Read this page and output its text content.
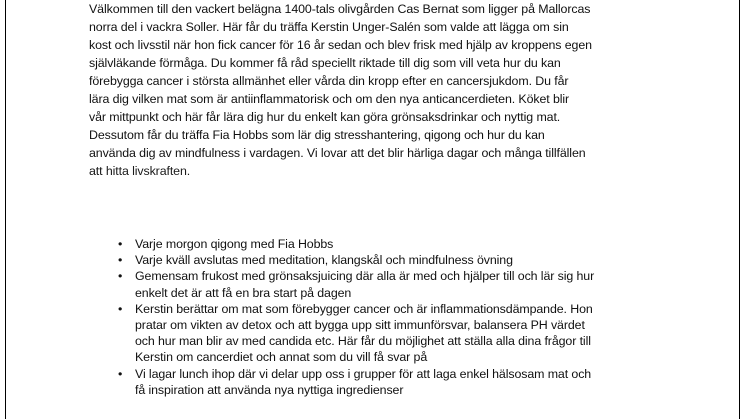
Välkommen till den vackert belägna 1400-tals olivgården Cas Bernat som ligger på Mallorcas
norra del i vackra Soller. Här får du träffa Kerstin Unger-Salén som valde att lägga om sin
kost och livsstil när hon fick cancer för 16 år sedan och blev frisk med hjälp av kroppens egen
självläkande förmåga. Du kommer få råd speciellt riktade till dig som vill veta hur du kan
förebygga cancer i största allmänhet eller vårda din kropp efter en cancersjukdom. Du får
lära dig vilken mat som är antiinflammatorisk och om den nya anticancerdieten. Köket blir
vår mittpunkt och här får lära dig hur du enkelt kan göra grönsaksdrinkar och nyttig mat.
Dessutom får du träffa Fia Hobbs som lär dig stresshantering, qigong och hur du kan
använda dig av mindfulness i vardagen. Vi lovar att det blir härliga dagar och många tillfällen
att hitta livskraften.
•	Varje morgon qigong med Fia Hobbs
•	Varje kväll avslutas med meditation, klangskål och mindfulness övning
•	Gemensam frukost med grönsaksjuicing där alla är med och hjälper till och lär sig hur
enkelt det är att få en bra start på dagen
•	Kerstin berättar om mat som förebygger cancer och är inflammationsdämpande. Hon
pratar om vikten av detox och att bygga upp sitt immunförsvar, balansera PH värdet
och hur man blir av med candida etc. Här får du möjlighet att ställa alla dina frågor till
Kerstin om cancerdiet och annat som du vill få svar på
•	Vi lagar lunch ihop där vi delar upp oss i grupper för att laga enkel hälsosam mat och
få inspiration att använda nya nyttiga ingredienser
